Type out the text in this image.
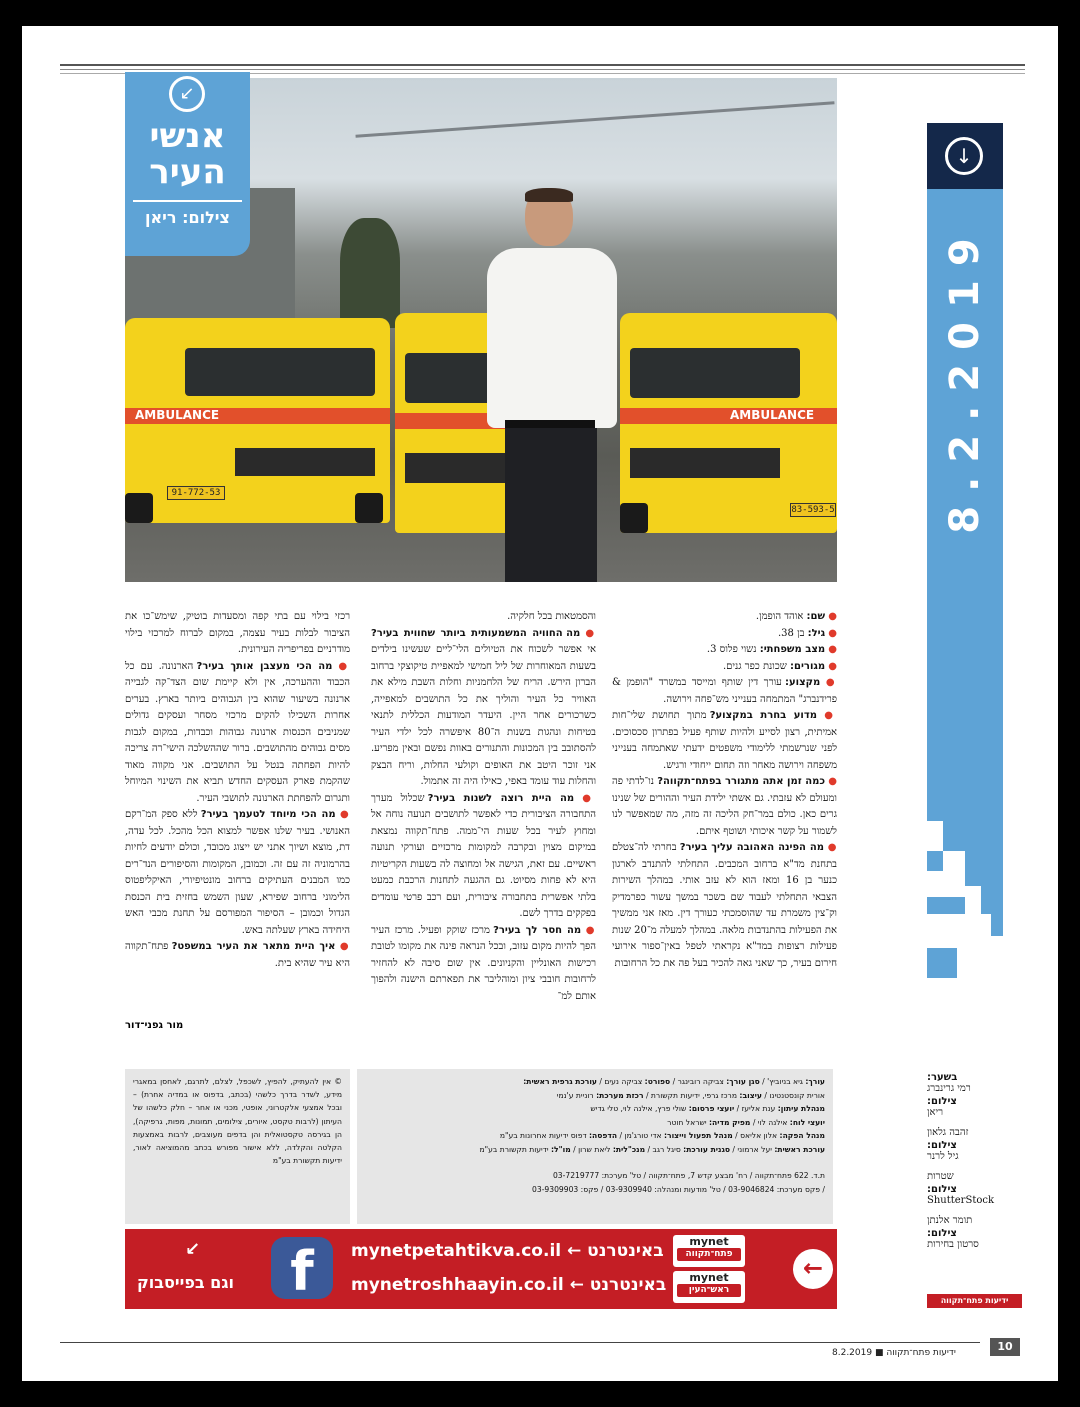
AMBULANCE
91-772-53
AMBULANCE
83-593-5
↙
אנשי
העיר
צילום: ריאן
↓
8.2.2019

● שם: אוהד הופמן.

● גיל: בן 38.

● מצב משפחתי: נשוי פלוס 3.

● מגורים: שכונת כפר גנים.

● מקצוע: עורך דין שותף ומייסד במשרד "הופמן & פרידנברג" המתמחה בענייני מש־פחה וירושה.

● מדוע בחרת במקצוע? מתוך תחושת שלי־חות אמיתית, רצון לסייע ולהיות שותף פעיל בפתרון סכסוכים. לפני שנרשמתי ללימודי משפטים ידעתי שאתמחה בענייני משפחה וירושה מאחר וזה תחום ייחודי ורגיש.

● כמה זמן אתה מתגורר בפתח־תקווה? נו־לדתי פה ומעולם לא עזבתי. גם אשתי ילידת העיר וההורים של שנינו גרים כאן. כולם במר־חק הליכה זה מזה, מה שמאפשר לנו לשמור על קשר איכותי ושוטף איתם.

● מה הפינה האהובה עליך בעיר? בחרתי לה־צטלם בתחנת מד"א ברחוב המכבים. התחלתי להתנדב לארגון כנער בן 16 ומאז הוא לא עזב אותי. במהלך השירות הצבאי התחלתי לעבוד שם בשכר במשך עשור כפרמדיק וק־צין משמרת עד שהוסמכתי כעורך דין. מאז אני ממשיך את הפעילות בהתנדבות מלאה. במהלך למעלה מ־20 שנות פעילות רצופות במד"א נקראתי לטפל באין־ספור אירועי חירום בעיר, כך שאני גאה להכיר בעל פה את כל הרחובות

והסמטאות בכל חלקיה.

● מה החוויה המשמעותית ביותר שחווית בעיר? אי אפשר לשכוח את הטיולים הלי־ליים שעשינו בילדים בשעות המאוחרות של ליל חמישי למאפיית טיקוצקי ברחוב הברון הירש. הריח של הלחמניות וחלות השבת מילא את האוויר כל העיר והוליך את כל התושבים למאפייה, כשרכורים אחר היין. היעדר המודעות הכללית לתנאי בטיחות ונהגות בשנות ה־80 איפשרה לכל ילדי העיר להסתובב בין המכונות והתנורים באוות נפשם ובאין מפריע. אני זוכר היטב את האופים וקולעי החלות, וריח הבצק והחלות עוד עומד באפי, כאילו היה זה אתמול.

● מה היית רוצה לשנות בעיר? שכלול מערך התחבורה הציבורית כדי לאפשר לתושבים תנועה נוחה אל ומחוץ לעיר בכל שעות הי־ממה. פתח־תקווה נמצאת במיקום מצוין ובקרבה למקומות מרכזיים ועורקי תנועה ראשיים. עם זאת, הגישה אל ומחוצה לה בשעות הקריטיות היא לא פחות מסיוט. גם ההגעה לתחנות הרכבת כמעט בלתי אפשרית בתחבורה ציבורית, ועם רכב פרטי עומדים בפקקים בדרך לשם.

● מה חסר לך בעיר? מרכז שוקק ופעיל. מרכז העיר הפך להיות מקום עזוב, ובכל הנראה פינה את מקומו לטובת רכישות האונליין והקניונים. אין שום סיבה לא להחזיר לרחובות חובבי ציון ומוהליבר את תפארתם הישנה ולהפוך אותם למ־

רכזי בילוי עם בתי קפה ומסעדות בוטיק, שימש־כו את הציבור לבלות בעיר עצמה, במקום לברוח למרכזי בילוי מודרניים בפריפריה העירונית.

● מה הכי מעצבן אותך בעיר? הארנונה. עם כל הכבוד וההערכה, אין ולא קיימת שום הצד־קה לגבייה ארנונה בשיעור שהוא בין הגבוהים ביותר בארץ. בערים אחרות השכילו להקים מרכזי מסחר ועסקים גדולים שמניבים הכנסות ארנונה גבוהות וכבדות, במקום לגבות מסים גבוהים מהתושבים. ברור שההשלכה הישי־רה צריכה להיות הפחתה בנטל על התושבים. אני מקווה מאוד שהקמת פארק העסקים החדש תביא את השינוי המיוחל ותגרום להפחתת הארנונה לתושבי העיר.

● מה הכי מיוחד לטעמך בעיר? ללא ספק המ־רקם האנושי. בעיר שלנו אפשר למצוא הכל מהכל. לכל עדה, דת, מוצא ושיוך אתני יש ייצוג מכובד, וכולם יודעים לחיות בהרמוניה זה עם זה. וכמובן, המקומות והסיפורים הנד־רים כמו המבנים העתיקים ברחוב מונטיפיורי, האיקליפטוס הלימוני ברחוב שפירא, שעון השמש בחזית בית הכנסת הגדול וכמובן – הסיפור המפורסם על תחנת מכבי האש היחידה בארץ שעלתה באש.

● איך היית מתאר את העיר במשפט? פתח־תקווה היא עיר שהיא בית.

מור גפני־דור
עורך: גיא בניוביץ' / סגן עורך: צביקה רובינגר / ספורט: צביקה נעים / עורכת גרפית ראשית:
אורית קונסטנטינו / עיצוב: מרכז גרפי, ידיעות תקשורת / רכזת מערכת: רוניית ע'נמי
מנהלת עיתון: ענת אליעז / יועצי פרסום: שולי פרץ, אילנה לוי, טלי גדיש
יועצי לוח: אילנה לוי / מפיק מדיה: ישראל חוטר
מנהל הפקה: אלון אליאס / מנהל תפעול וייצור: אדי טורג'מן / הדפסה: דפוס ידיעות אחרונות בע"מ
עורכת ראשית: יעל ארמוני / סגנית עורכת: סיגל רגב / מנכ"לית: ליאת שרון / מו"ל: ידיעות תקשורת בע"מ
ת.ד. 622 פתח־תקווה / רח' מבצע קדש 7, פתח־תקווה / טל' מערכת: 03-7219777
/ פקס מערכת: 03-9046824 / טל' מודעות ומנהלה: 03-9309940 / פקס: 03-9309903
© אין להעתיק, להפיץ, לשכפל, לצלם, לתרגם, לאחסן במאגרי מידע, לשדר בדרך כלשהי (בכתב, בדפוס או במדיה אחרת) – ובכל אמצעי אלקטרוני, אופטי, מכני או אחר – חלק כלשהו של העיתון (לרבות טקסט, איורים, צילומים, תמונות, מפות, גרפיקה), הן בגירסה טקסטואלית והן בדפים מעוצבים, לרבות באמצעות הקלטה והקלדה, ללא אישור מפורש בכתב מהמוציאה לאור, ידיעות תקשורת בע"מ
בשער:
רמי גרינברג
צילום:
ריאן
זהבה גלאון
צילום:
גיל לרנר
שטרות
צילום:
ShutterStock
תומר אלנתן
צילום:
סרטון בחירות
↙
וגם בפייסבוק	f	mynetpetahtikva.co.il באינטרנט ←
mynetroshhaayin.co.il באינטרנט ←
mynet
פתח־תקווה
mynet
ראש־העין
←
ידיעות פתח־תקווה
8.2.2019 ■ ידיעות פתח־תקווה	10
